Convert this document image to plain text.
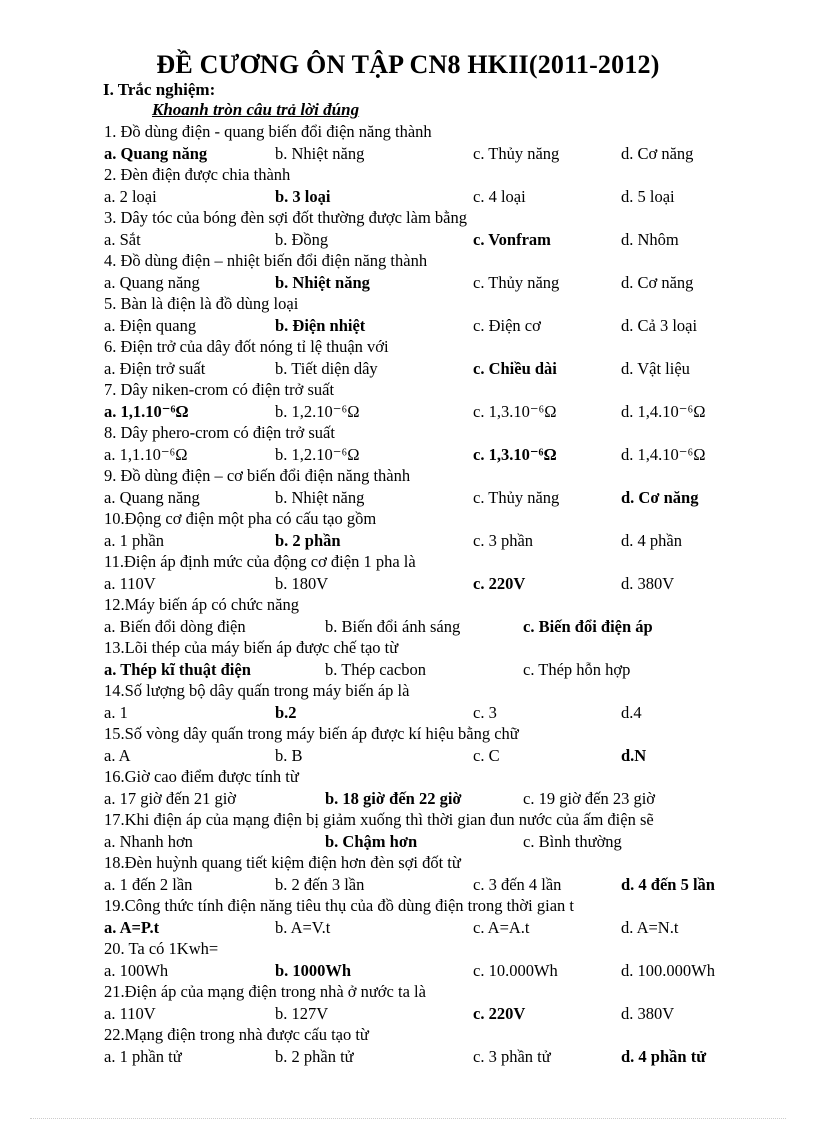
ĐỀ CƯƠNG ÔN TẬP CN8 HKII(2011-2012)
I. Trắc nghiệm:
Khoanh tròn câu trả lời đúng
1. Đồ dùng điện - quang biến đổi điện năng thành
a. Quang năng	b. Nhiệt năng	c. Thủy năng	d. Cơ năng
2. Đèn điện được chia thành
a. 2 loại	b. 3 loại	c. 4 loại	d. 5 loại
3. Dây tóc của bóng đèn sợi đốt thường được làm bằng
a. Sắt	b. Đồng	c. Vonfram	d. Nhôm
4. Đồ dùng điện – nhiệt biến đổi điện năng thành
a. Quang năng	b. Nhiệt năng	c. Thủy năng	d. Cơ năng
5. Bàn là điện là đồ dùng loại
a. Điện quang	b. Điện nhiệt	c. Điện cơ	d. Cả 3 loại
6. Điện trở của dây đốt nóng tỉ lệ thuận với
a. Điện trở suất	b. Tiết diện dây	c. Chiều dài	d. Vật liệu
7. Dây niken-crom có điện trở suất
a. 1,1.10⁻⁶Ω	b. 1,2.10⁻⁶Ω	c. 1,3.10⁻⁶Ω	d. 1,4.10⁻⁶Ω
8. Dây phero-crom có điện trở suất
a. 1,1.10⁻⁶Ω	b. 1,2.10⁻⁶Ω	c. 1,3.10⁻⁶Ω	d. 1,4.10⁻⁶Ω
9. Đồ dùng điện – cơ biến đổi điện năng thành
a. Quang năng	b. Nhiệt năng	c. Thủy năng	d. Cơ năng
10.Động cơ điện một pha có cấu tạo gồm
a. 1 phần	b. 2 phần	c. 3 phần	d. 4 phần
11.Điện áp định mức của động cơ điện 1 pha là
a. 110V	b. 180V	c. 220V	d. 380V
12.Máy biến áp có chức năng
a. Biến đổi dòng điện	b. Biến đổi ánh sáng	c. Biến đổi điện áp
13.Lõi thép của máy biến áp được chế tạo từ
a. Thép kĩ thuật điện	b. Thép cacbon	c. Thép hỗn hợp
14.Số lượng bộ dây quấn trong máy biến áp là
a. 1	b.2	c. 3	d.4
15.Số vòng dây quấn trong máy biến áp được kí hiệu bằng chữ
a. A	b. B	c. C	d.N
16.Giờ cao điểm được tính từ
a. 17 giờ đến 21 giờ	b. 18 giờ đến 22 giờ	c. 19 giờ đến 23 giờ
17.Khi điện áp của mạng điện bị giảm xuống thì thời gian đun nước của ấm điện sẽ
a. Nhanh hơn	b. Chậm hơn	c. Bình thường
18.Đèn huỳnh quang tiết kiệm điện hơn đèn sợi đốt từ
a. 1 đến 2 lần	b. 2 đến 3 lần	c. 3 đến 4 lần	d. 4 đến 5 lần
19.Công thức tính điện năng tiêu thụ của đồ dùng điện trong thời gian t
a. A=P.t	b. A=V.t	c. A=A.t	d. A=N.t
20. Ta có 1Kwh=
a. 100Wh	b. 1000Wh	c. 10.000Wh	d. 100.000Wh
21.Điện áp của mạng điện trong nhà ở nước ta là
a. 110V	b. 127V	c. 220V	d. 380V
22.Mạng điện trong nhà được cấu tạo từ
a. 1 phần tử	b. 2 phần tử	c. 3 phần tử	d. 4 phần tử
